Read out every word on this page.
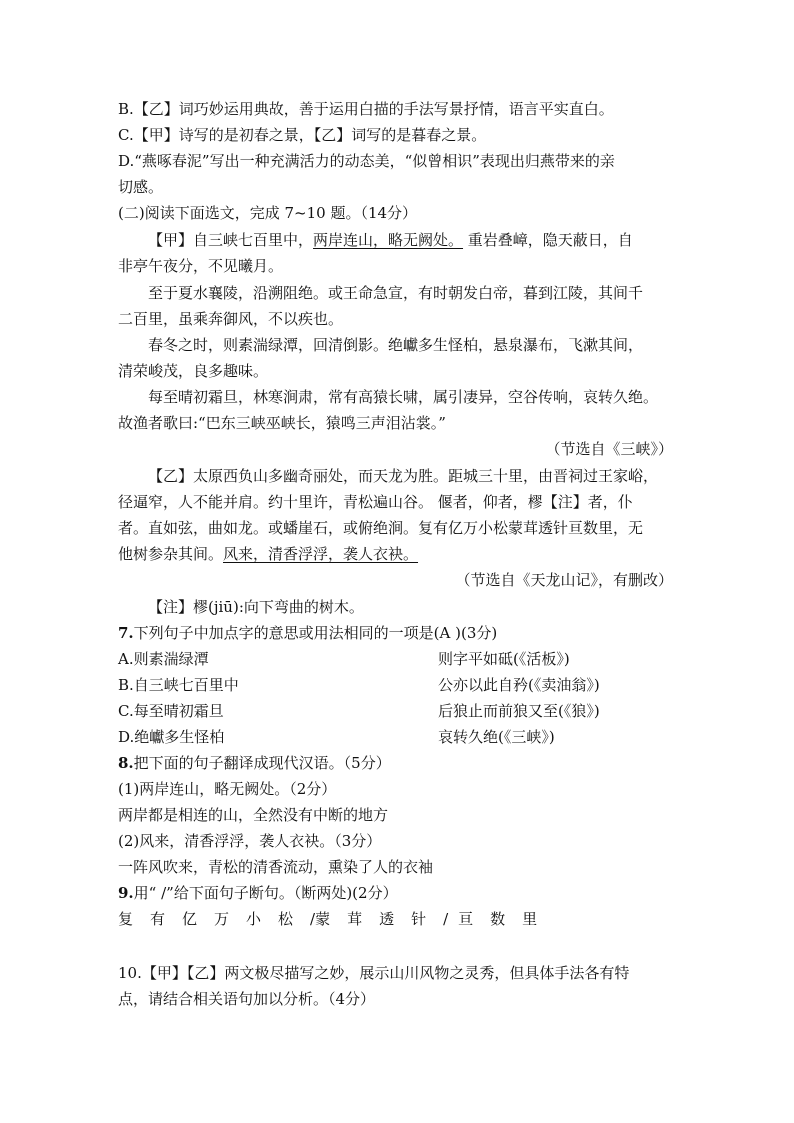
B.【乙】词巧妙运用典故，善于运用白描的手法写景抒情，语言平实直白。
C.【甲】诗写的是初春之景，【乙】词写的是暮春之景。
D.“燕啄春泥”写出一种充满活力的动态美，“似曾相识”表现出归燕带来的亲
切感。
(二)阅读下面选文，完成 7~10 题。（14分）
【甲】自三峡七百里中，两岸连山，略无阙处。 重岩叠嶂，隐天蔽日，自
非亭午夜分，不见曦月。
至于夏水襄陵，沿溯阻绝。或王命急宣，有时朝发白帝，暮到江陵，其间千
二百里，虽乘奔御风，不以疾也。
春冬之时，则素湍绿潭，回清倒影。绝巘多生怪柏，悬泉瀑布，飞漱其间，
清荣峻茂，良多趣味。
每至晴初霜旦，林寒涧肃，常有高猿长啸，属引凄异，空谷传响，哀转久绝。
故渔者歌曰:“巴东三峡巫峡长，猿鸣三声泪沾裳。”
（节选自《三峡》）
【乙】太原西负山多幽奇丽处，而天龙为胜。距城三十里，由晋祠过王家峪，
径逼窄，人不能并肩。约十里许，青松遍山谷。 偃者，仰者，樛【注】者，仆
者。直如弦，曲如龙。或蟠崖石，或俯绝涧。复有亿万小松蒙茸透针亘数里，无
他树参杂其间。风来，清香浮浮，袭人衣袂。
（节选自《天龙山记》，有删改）
【注】樛(jiū):向下弯曲的树木。
7.下列句子中加点字的意思或用法相同的一项是(A )(3分)
A.则素湍绿潭	则字平如砥(《活板》)
B.自三峡七百里中	公亦以此自矜(《卖油翁》)
C.每至晴初霜旦	后狼止而前狼又至(《狼》)
D.绝巘多生怪柏	哀转久绝(《三峡》)
8.把下面的句子翻译成现代汉语。（5分）
(1)两岸连山，略无阙处。（2分）
两岸都是相连的山，全然没有中断的地方
(2)风来，清香浮浮，袭人衣袂。（3分）
一阵风吹来，青松的清香流动，熏染了人的衣袖
9.用“ /”给下面句子断句。（断两处)(2分）
复有亿万小松/蒙茸透针/ 亘数里
10.【甲】【乙】两文极尽描写之妙，展示山川风物之灵秀，但具体手法各有特
点，请结合相关语句加以分析。（4分）
